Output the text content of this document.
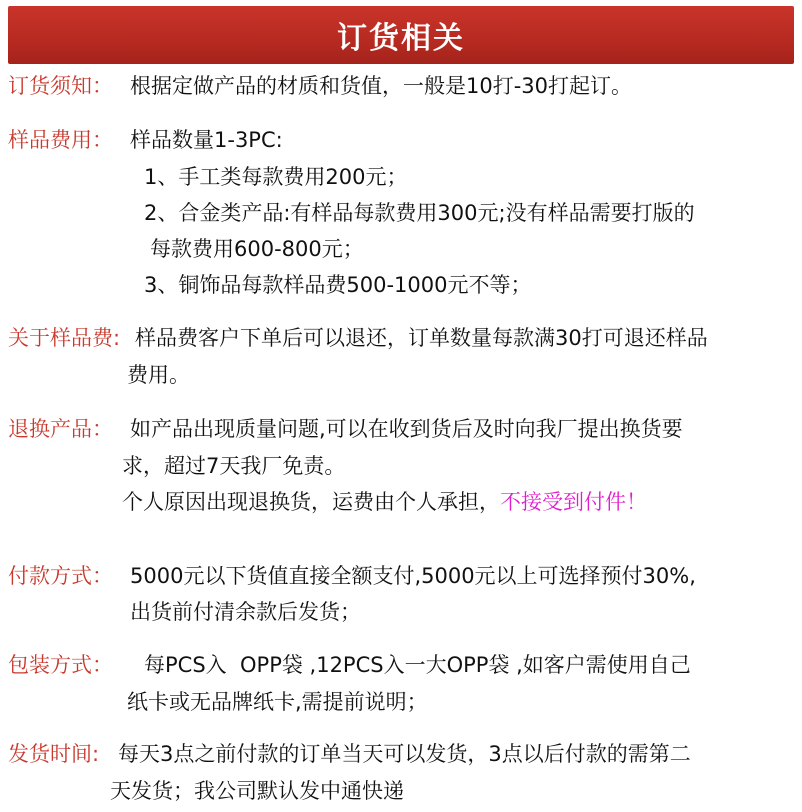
订货相关
订货须知： 根据定做产品的材质和货值，一般是10打-30打起订。
样品费用： 样品数量1-3PC:
1、手工类每款费用200元；
2、合金类产品:有样品每款费用300元;没有样品需要打版的
每款费用600-800元；
3、铜饰品每款样品费500-1000元不等；
关于样品费: 样品费客户下单后可以退还，订单数量每款满30打可退还样品
费用。
退换产品： 如产品出现质量问题,可以在收到货后及时向我厂提出换货要
求，超过7天我厂免责。
个人原因出现退换货，运费由个人承担，不接受到付件！
付款方式： 5000元以下货值直接全额支付,5000元以上可选择预付30%,
出货前付清余款后发货；
包装方式： 每PCS入  OPP袋 ,12PCS入一大OPP袋 ,如客户需使用自己
纸卡或无品牌纸卡,需提前说明；
发货时间: 每天3点之前付款的订单当天可以发货，3点以后付款的需第二
天发货；我公司默认发中通快递
